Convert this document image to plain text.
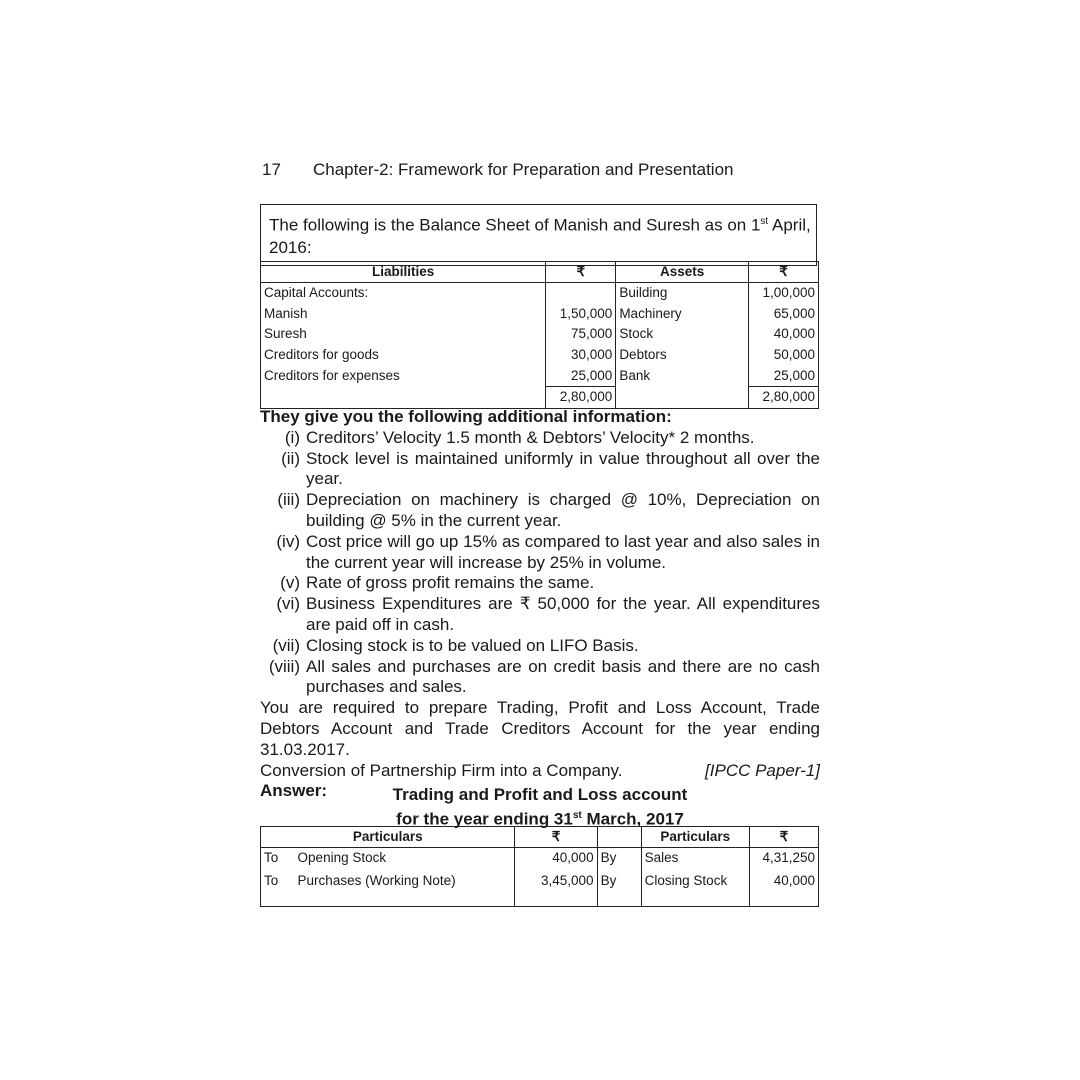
17 Chapter-2: Framework for Preparation and Presentation
The following is the Balance Sheet of Manish and Suresh as on 1st April, 2016:
Liabilities	₹	Assets	₹
Capital Accounts:		Building	1,00,000
Manish	1,50,000	Machinery	65,000
Suresh	75,000	Stock	40,000
Creditors for goods	30,000	Debtors	50,000
Creditors for expenses	25,000	Bank	25,000
	2,80,000		2,80,000
They give you the following additional information:
(i) Creditors’ Velocity 1.5 month & Debtors’ Velocity* 2 months.
(ii) Stock level is maintained uniformly in value throughout all over the year.
(iii) Depreciation on machinery is charged @ 10%, Depreciation on building @ 5% in the current year.
(iv) Cost price will go up 15% as compared to last year and also sales in the current year will increase by 25% in volume.
(v) Rate of gross profit remains the same.
(vi) Business Expenditures are ₹ 50,000 for the year. All expenditures are paid off in cash.
(vii) Closing stock is to be valued on LIFO Basis.
(viii) All sales and purchases are on credit basis and there are no cash purchases and sales.
You are required to prepare Trading, Profit and Loss Account, Trade Debtors Account and Trade Creditors Account for the year ending 31.03.2017.
Conversion of Partnership Firm into a Company.	[IPCC Paper-1]
Answer:	Trading and Profit and Loss account
for the year ending 31st March, 2017
Particulars		₹		Particulars	₹
To	Opening Stock	40,000	By	Sales	4,31,250
To	Purchases (Working Note)	3,45,000	By	Closing Stock	40,000
